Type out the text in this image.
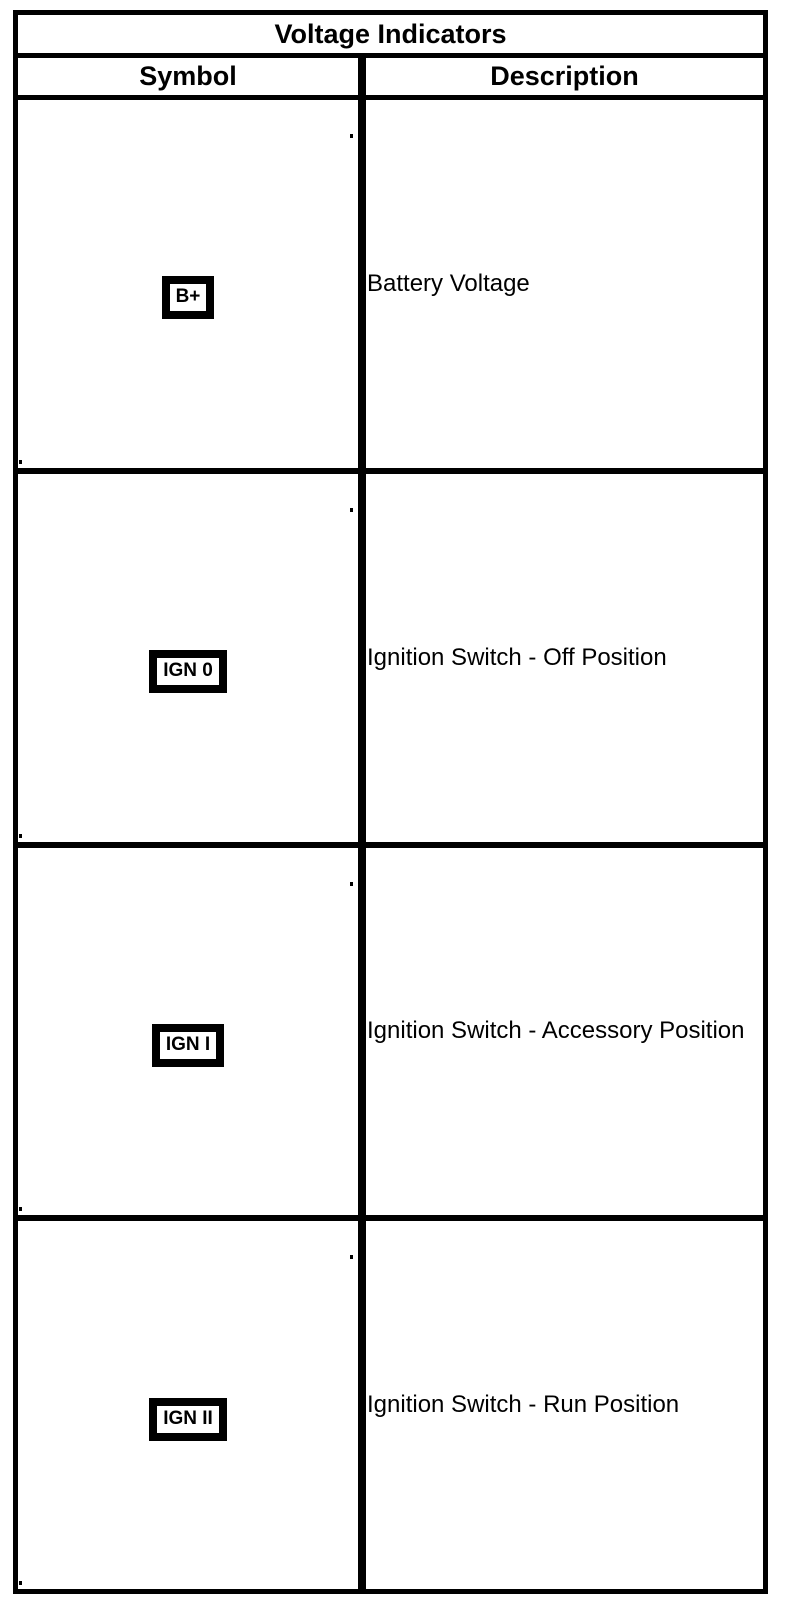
Voltage Indicators
Symbol	Description
B+
Battery Voltage
IGN 0
Ignition Switch - Off Position
IGN I
Ignition Switch - Accessory Position
IGN II
Ignition Switch - Run Position
